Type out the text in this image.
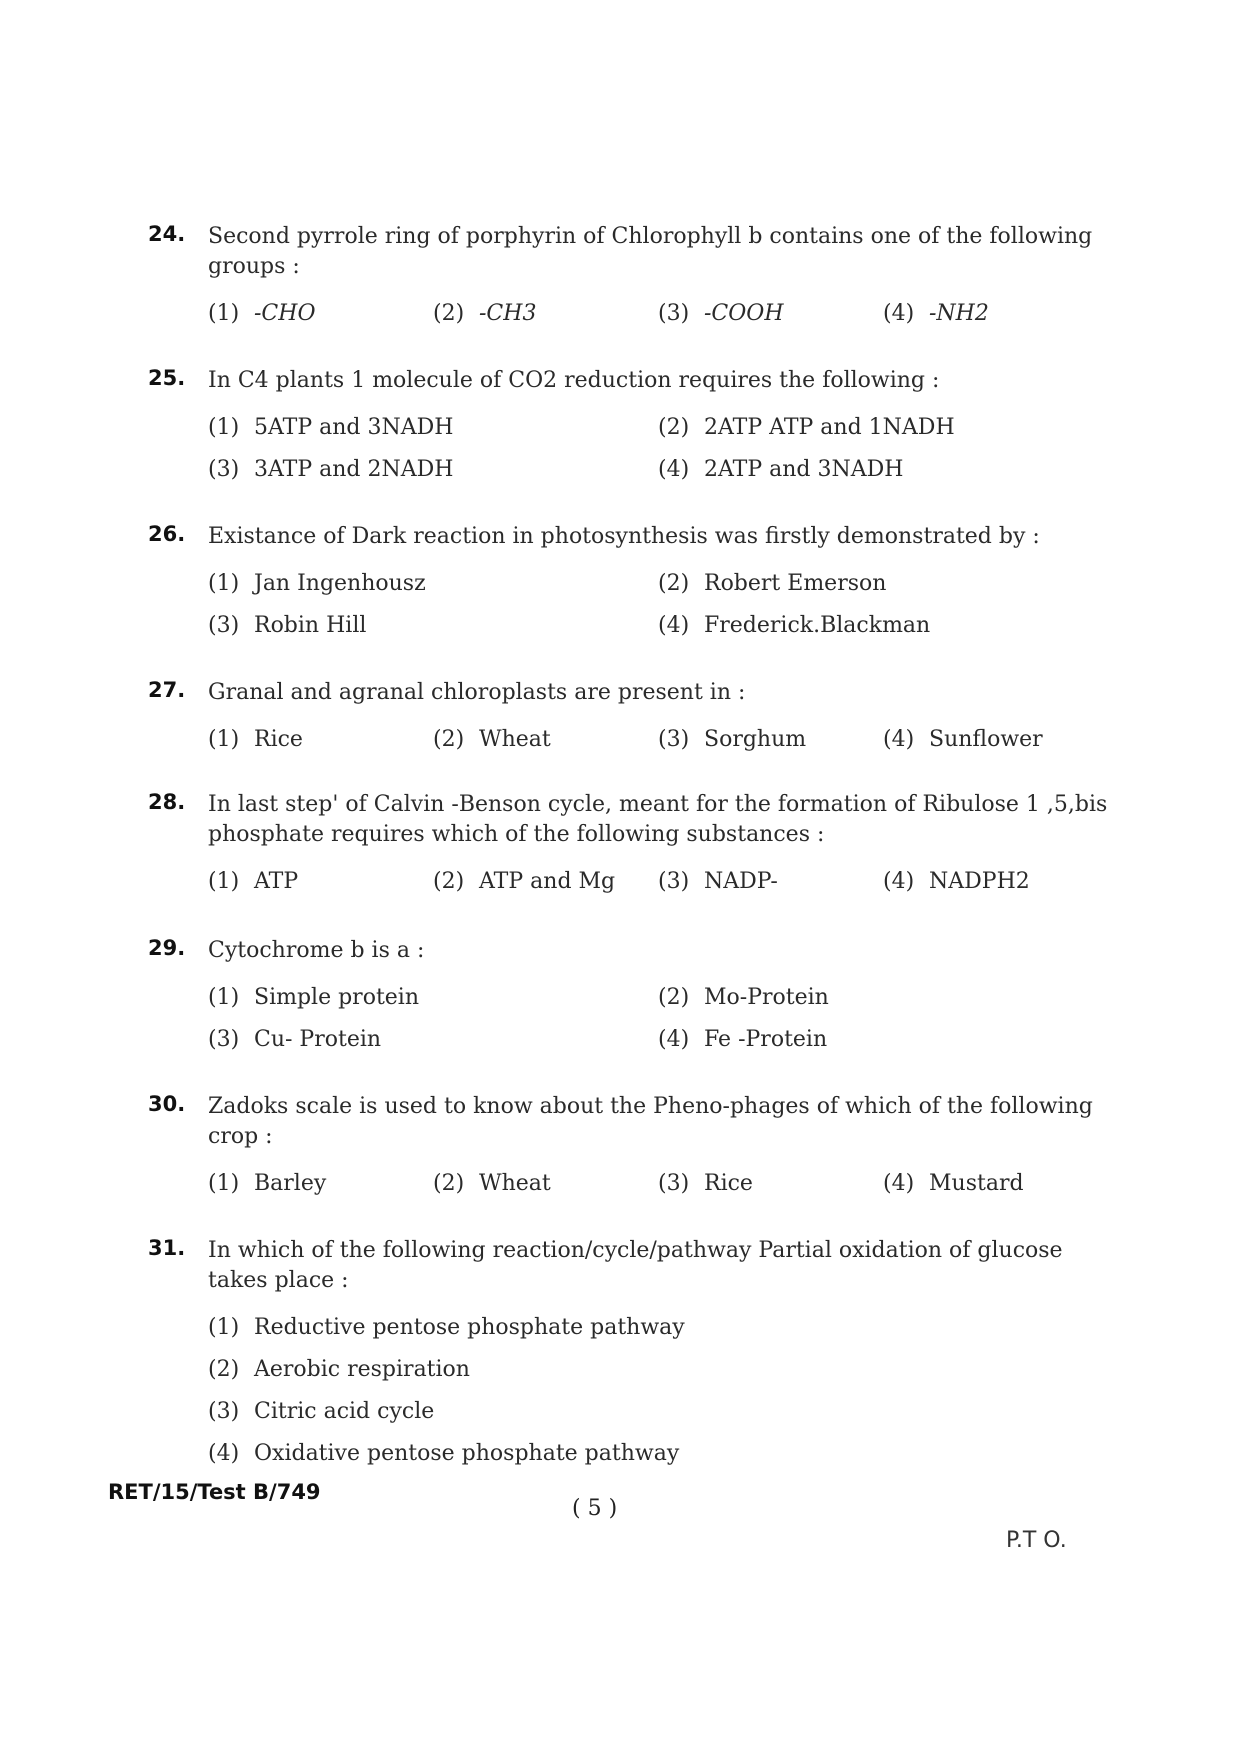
24.	Second pyrrole ring of porphyrin of Chlorophyll b contains one of the following groups :
(1) -CHO	(2) -CH3	(3) -COOH	(4) -NH2
25.	In C4 plants 1 molecule of CO2 reduction requires the following :
(1) 5ATP and 3NADH	(2) 2ATP ATP and 1NADH
(3) 3ATP and 2NADH	(4) 2ATP and 3NADH
26.	Existance of Dark reaction in photosynthesis was firstly demonstrated by :
(1) Jan Ingenhousz	(2) Robert Emerson
(3) Robin Hill	(4) Frederick.Blackman
27.	Granal and agranal chloroplasts are present in :
(1) Rice	(2) Wheat	(3) Sorghum	(4) Sunflower
28.	In last step' of Calvin -Benson cycle, meant for the formation of Ribulose 1 ,5,bis phosphate requires which of the following substances :
(1) ATP	(2) ATP and Mg	(3) NADP-	(4) NADPH2
29.	Cytochrome b is a :
(1) Simple protein	(2) Mo-Protein
(3) Cu- Protein	(4) Fe -Protein
30.	Zadoks scale is used to know about the Pheno-phages of which of the following crop :
(1) Barley	(2) Wheat	(3) Rice	(4) Mustard
31.	In which of the following reaction/cycle/pathway Partial oxidation of glucose takes place :
(1) Reductive pentose phosphate pathway
(2) Aerobic respiration
(3) Citric acid cycle
(4) Oxidative pentose phosphate pathway
RET/15/Test B/749
( 5 )
P.T O.
